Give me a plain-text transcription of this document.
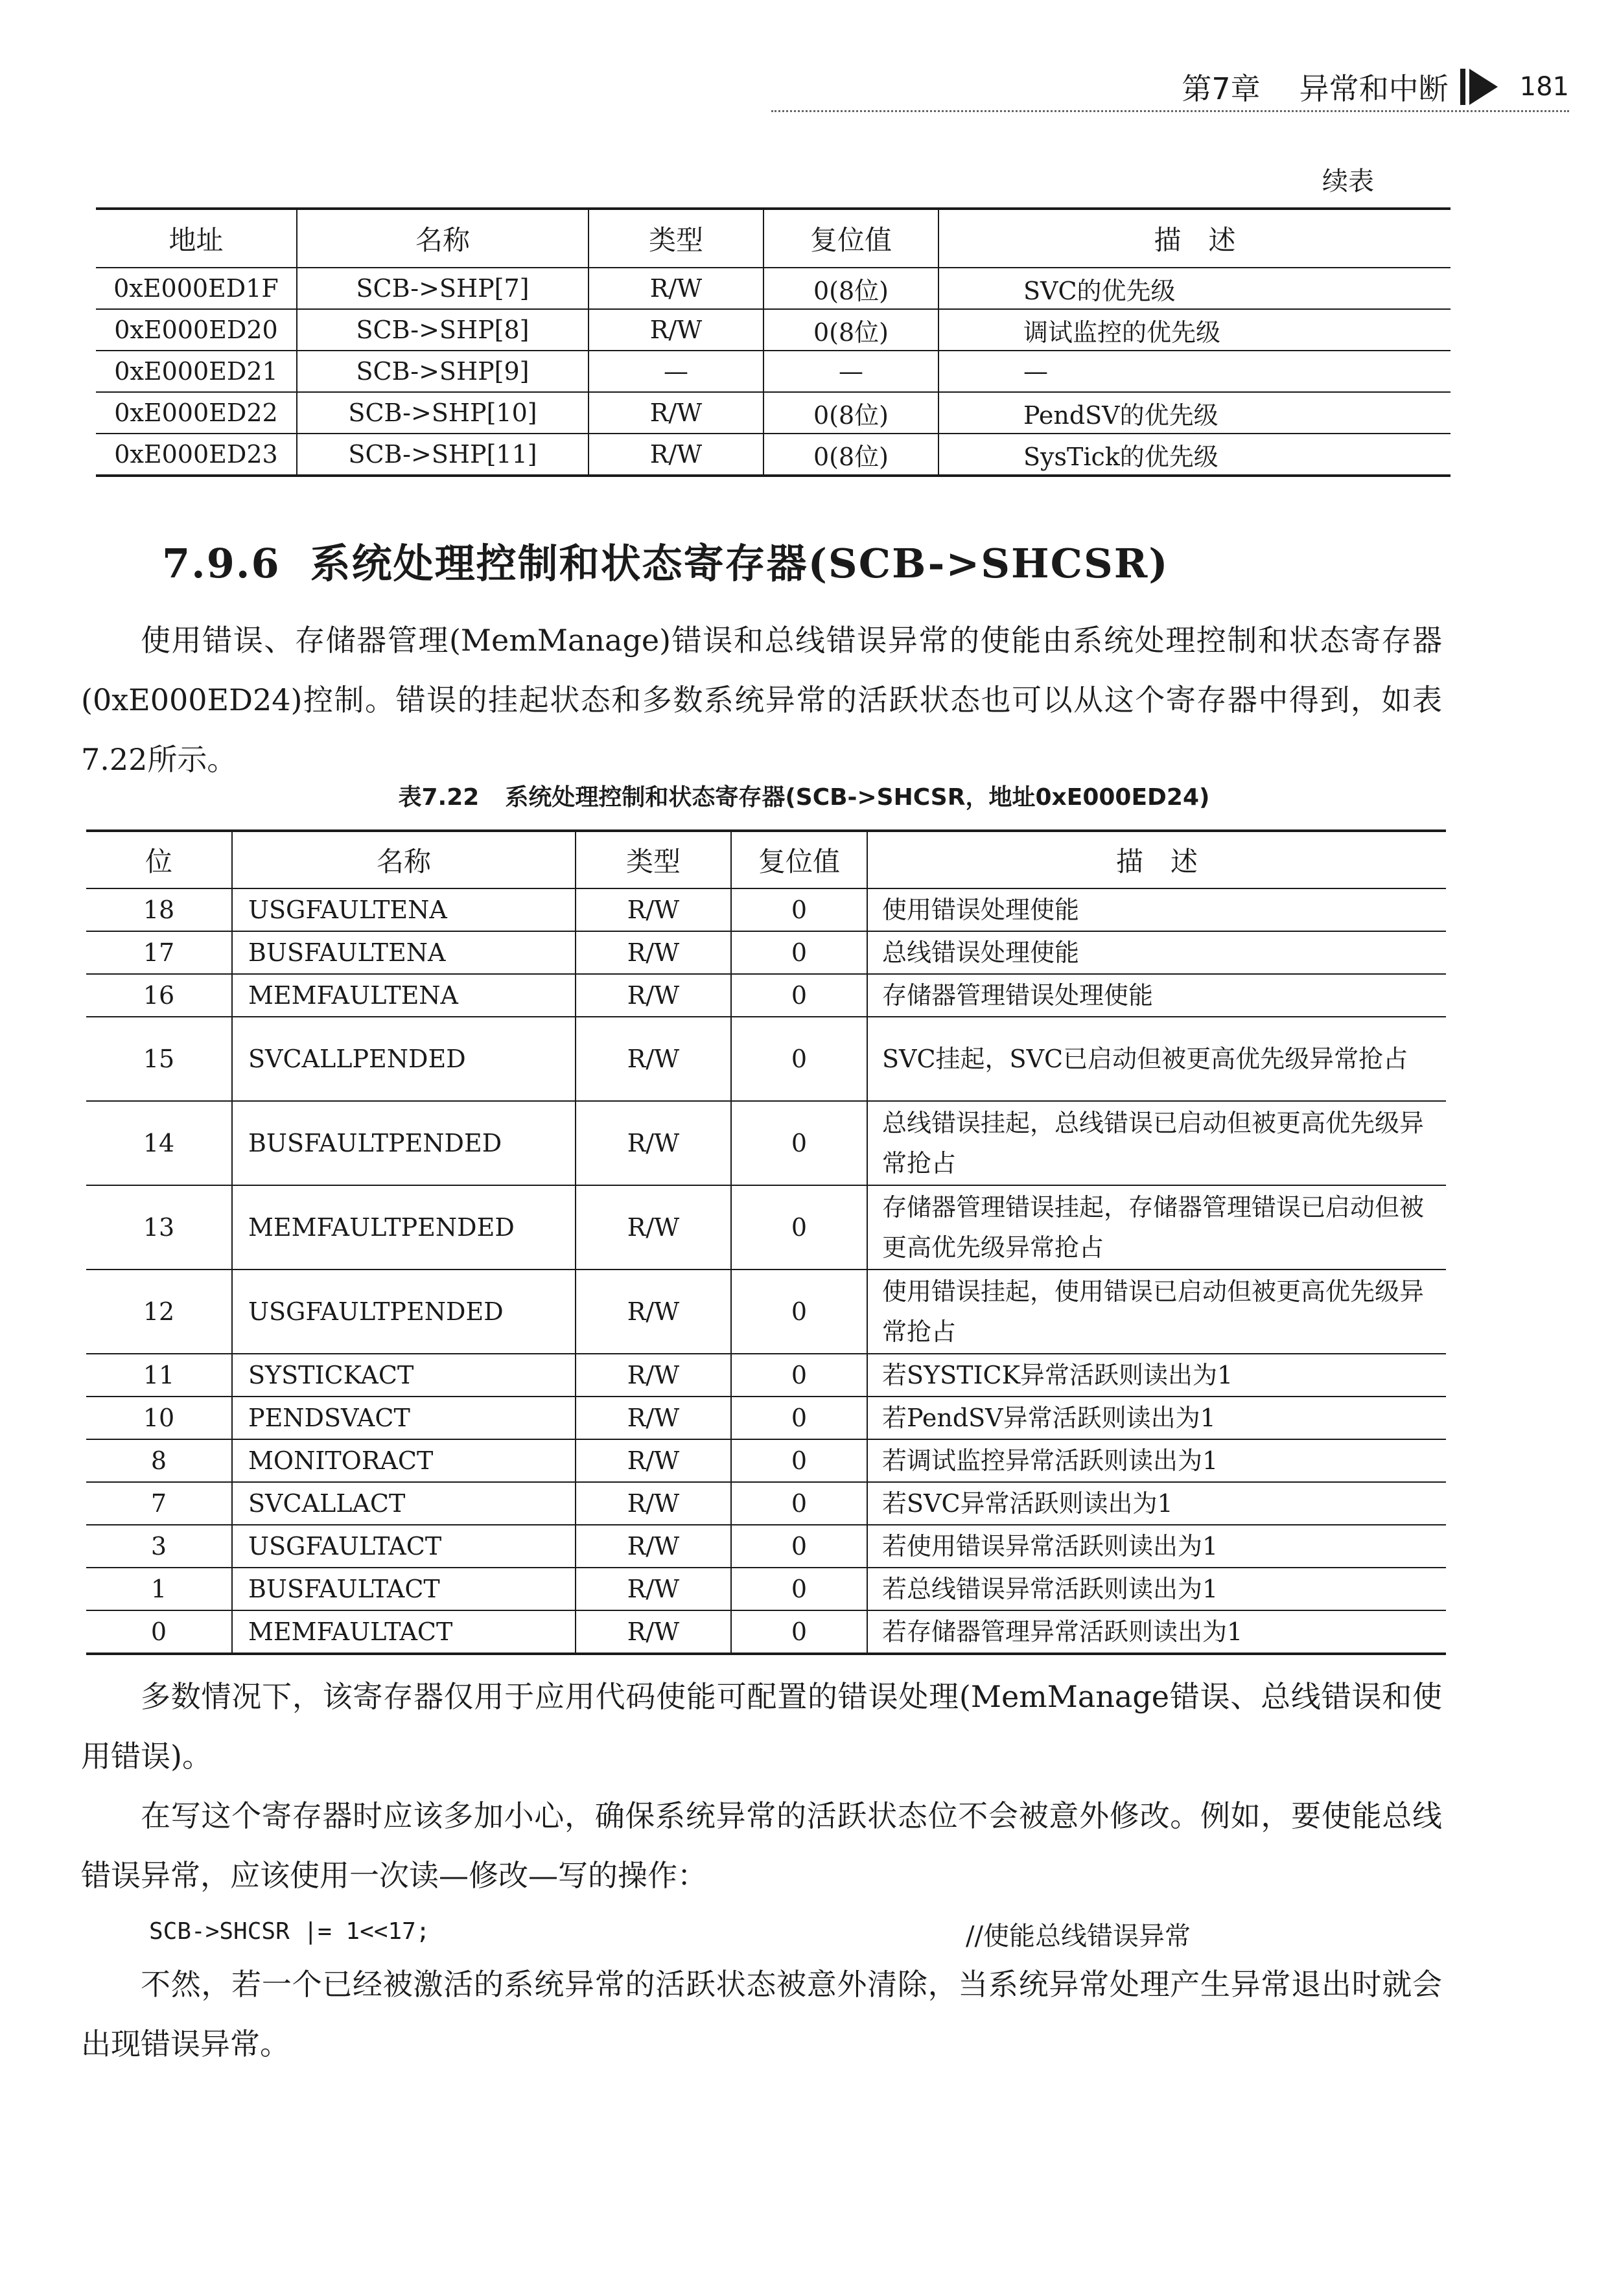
第7章 异常和中断	181
续表
地址	名称	类型	复位值	描　述
0xE000ED1F	SCB->SHP[7]	R/W	0(8位)	SVC的优先级
0xE000ED20	SCB->SHP[8]	R/W	0(8位)	调试监控的优先级
0xE000ED21	SCB->SHP[9]	—	—	—
0xE000ED22	SCB->SHP[10]	R/W	0(8位)	PendSV的优先级
0xE000ED23	SCB->SHP[11]	R/W	0(8位)	SysTick的优先级
7.9.6 系统处理控制和状态寄存器(SCB->SHCSR)
使用错误、存储器管理(MemManage)错误和总线错误异常的使能由系统处理控制和状态寄存器(0xE000ED24)控制。错误的挂起状态和多数系统异常的活跃状态也可以从这个寄存器中得到，如表7.22所示。
表7.22 系统处理控制和状态寄存器(SCB->SHCSR，地址0xE000ED24)
位	名称	类型	复位值	描　述
18	USGFAULTENA	R/W	0	使用错误处理使能
17	BUSFAULTENA	R/W	0	总线错误处理使能
16	MEMFAULTENA	R/W	0	存储器管理错误处理使能
15	SVCALLPENDED	R/W	0	SVC挂起，SVC已启动但被更高优先级异常抢占
14	BUSFAULTPENDED	R/W	0	总线错误挂起，总线错误已启动但被更高优先级异常抢占
13	MEMFAULTPENDED	R/W	0	存储器管理错误挂起，存储器管理错误已启动但被更高优先级异常抢占
12	USGFAULTPENDED	R/W	0	使用错误挂起，使用错误已启动但被更高优先级异常抢占
11	SYSTICKACT	R/W	0	若SYSTICK异常活跃则读出为1
10	PENDSVACT	R/W	0	若PendSV异常活跃则读出为1
8	MONITORACT	R/W	0	若调试监控异常活跃则读出为1
7	SVCALLACT	R/W	0	若SVC异常活跃则读出为1
3	USGFAULTACT	R/W	0	若使用错误异常活跃则读出为1
1	BUSFAULTACT	R/W	0	若总线错误异常活跃则读出为1
0	MEMFAULTACT	R/W	0	若存储器管理异常活跃则读出为1
多数情况下，该寄存器仅用于应用代码使能可配置的错误处理(MemManage错误、总线错误和使用错误)。
在写这个寄存器时应该多加小心，确保系统异常的活跃状态位不会被意外修改。例如，要使能总线错误异常，应该使用一次读—修改—写的操作：
SCB->SHCSR |= 1<<17;	//使能总线错误异常
不然，若一个已经被激活的系统异常的活跃状态被意外清除，当系统异常处理产生异常退出时就会出现错误异常。
